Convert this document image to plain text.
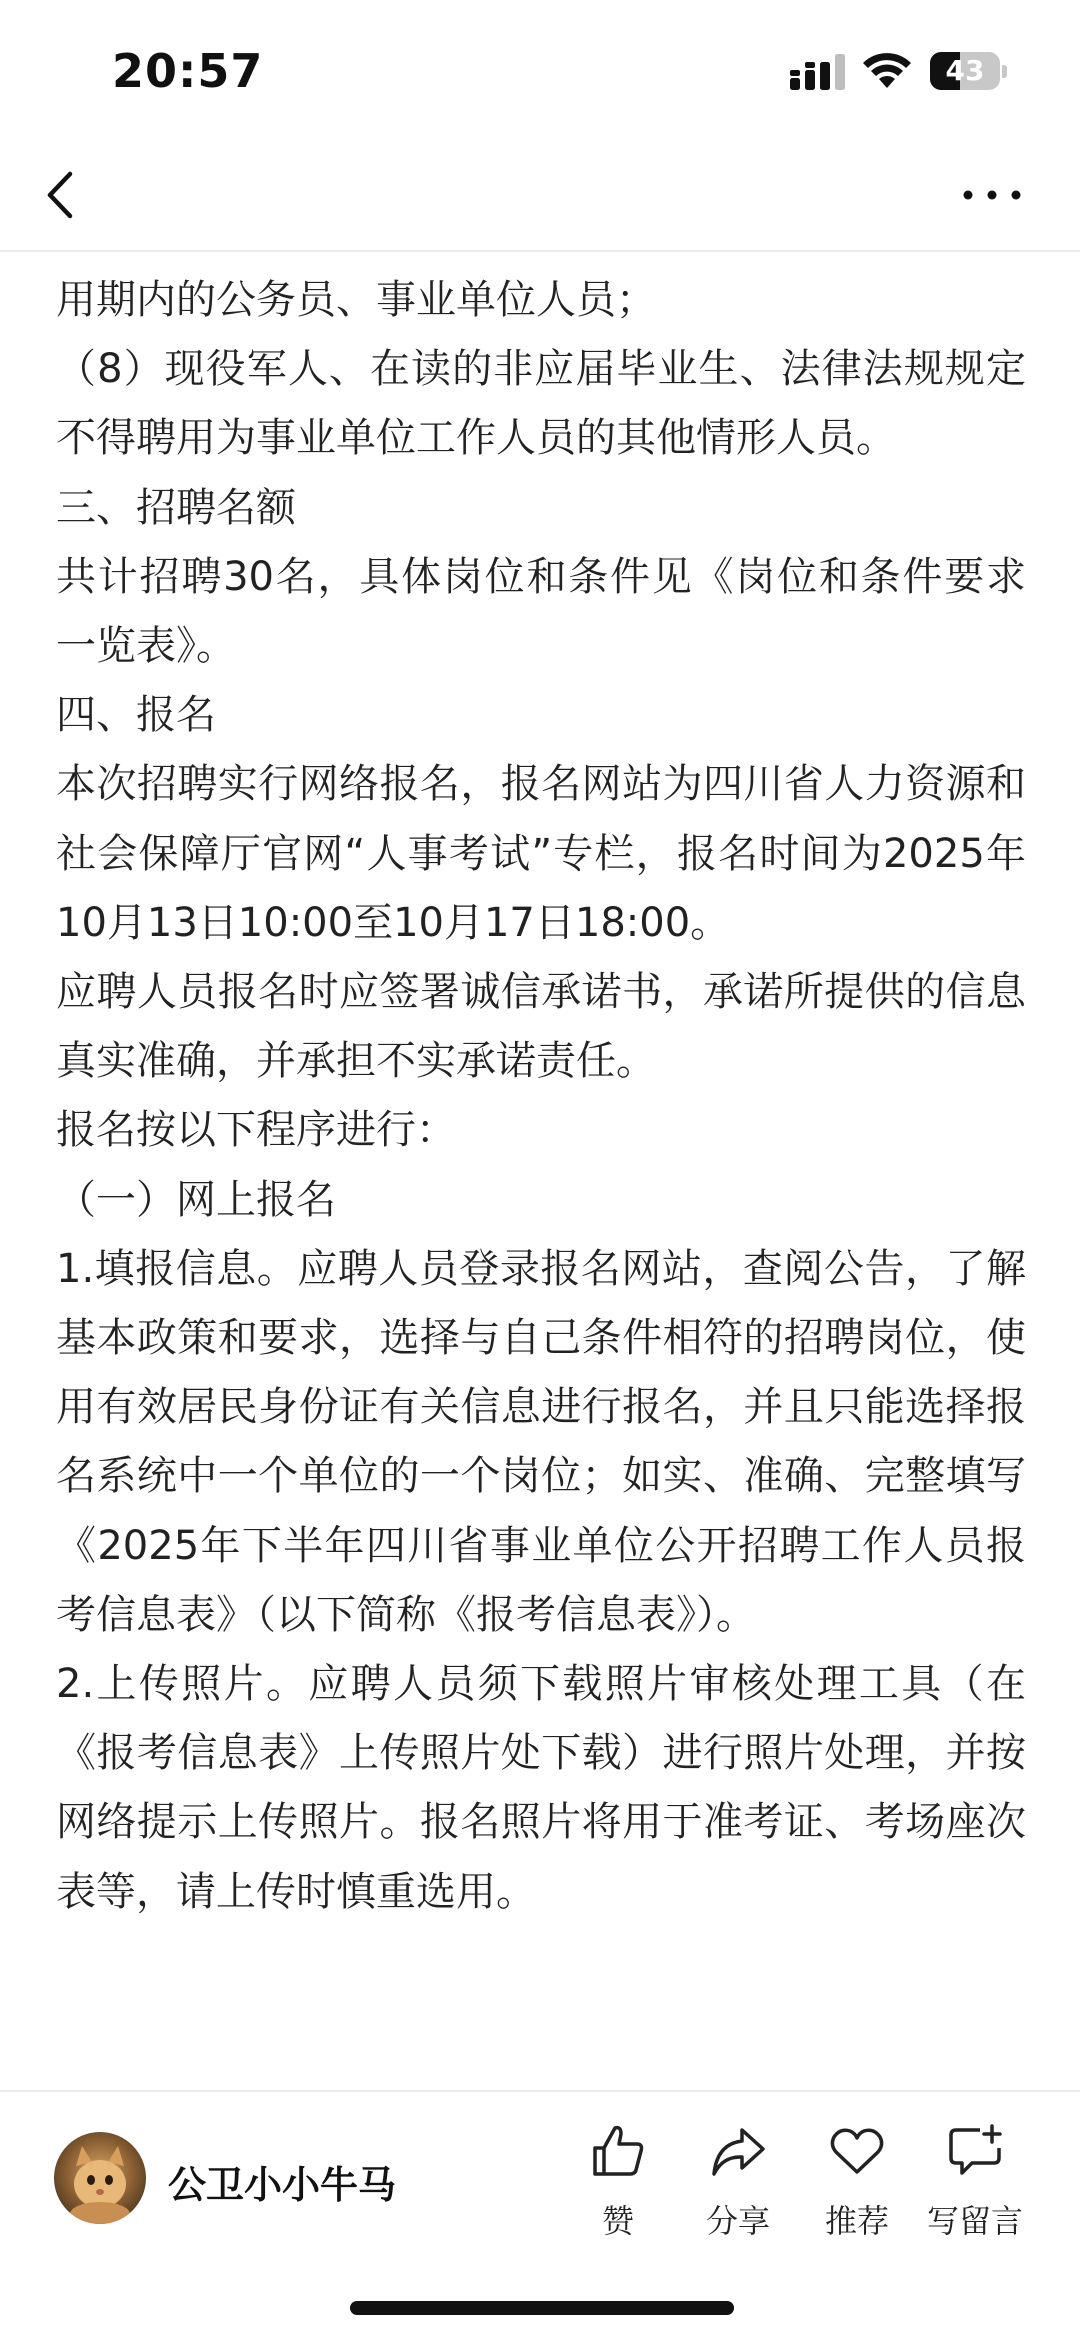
20:57	43
用期内的公务员、事业单位人员；
（8）现役军人、在读的非应届毕业生、法律法规规定不得聘用为事业单位工作人员的其他情形人员。
三、招聘名额
共计招聘30名，具体岗位和条件见《岗位和条件要求一览表》。
四、报名
本次招聘实行网络报名，报名网站为四川省人力资源和社会保障厅官网“人事考试”专栏，报名时间为2025年10月13日10:00至10月17日18:00。
应聘人员报名时应签署诚信承诺书，承诺所提供的信息真实准确，并承担不实承诺责任。
报名按以下程序进行：
（一）网上报名
1.填报信息。应聘人员登录报名网站，查阅公告，了解基本政策和要求，选择与自己条件相符的招聘岗位，使用有效居民身份证有关信息进行报名，并且只能选择报名系统中一个单位的一个岗位；如实、准确、完整填写《2025年下半年四川省事业单位公开招聘工作人员报考信息表》（以下简称《报考信息表》）。
2.上传照片。应聘人员须下载照片审核处理工具（在《报考信息表》上传照片处下载）进行照片处理，并按网络提示上传照片。报名照片将用于准考证、考场座次表等，请上传时慎重选用。
公卫小小牛马
赞	分享	推荐	写留言
